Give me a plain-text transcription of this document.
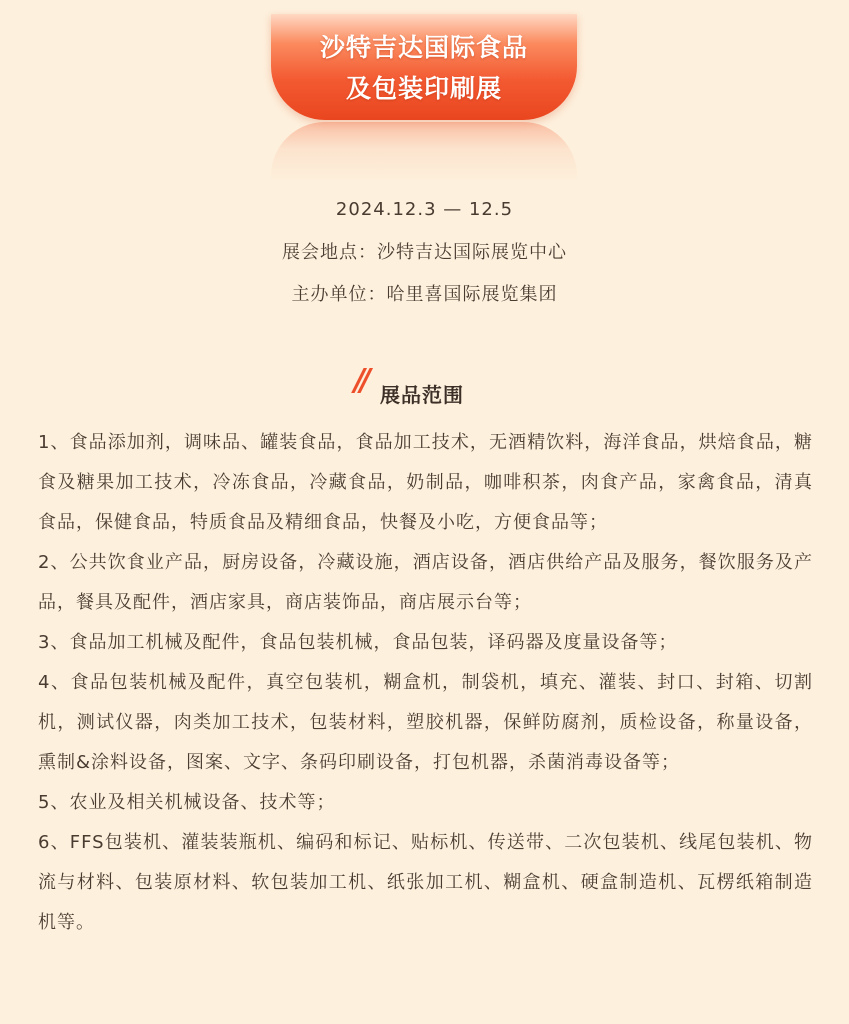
沙特吉达国际食品
及包装印刷展
2024.12.3 — 12.5
展会地点：沙特吉达国际展览中心
主办单位：哈里喜国际展览集团
// 展品范围
1、食品添加剂，调味品、罐装食品，食品加工技术，无酒精饮料，海洋食品，烘焙食品，糖食及糖果加工技术，冷冻食品，冷藏食品，奶制品，咖啡积茶，肉食产品，家禽食品，清真食品，保健食品，特质食品及精细食品，快餐及小吃，方便食品等；
2、公共饮食业产品，厨房设备，冷藏设施，酒店设备，酒店供给产品及服务，餐饮服务及产品，餐具及配件，酒店家具，商店装饰品，商店展示台等；
3、食品加工机械及配件，食品包装机械，食品包装，译码器及度量设备等；
4、食品包装机械及配件，真空包装机，糊盒机，制袋机，填充、灌装、封口、封箱、切割机，测试仪器，肉类加工技术，包装材料，塑胶机器，保鲜防腐剂，质检设备，称量设备，熏制&涂料设备，图案、文字、条码印刷设备，打包机器，杀菌消毒设备等；
5、农业及相关机械设备、技术等；
6、FFS包装机、灌装装瓶机、编码和标记、贴标机、传送带、二次包装机、线尾包装机、物流与材料、包装原材料、软包装加工机、纸张加工机、糊盒机、硬盒制造机、瓦楞纸箱制造机等。
